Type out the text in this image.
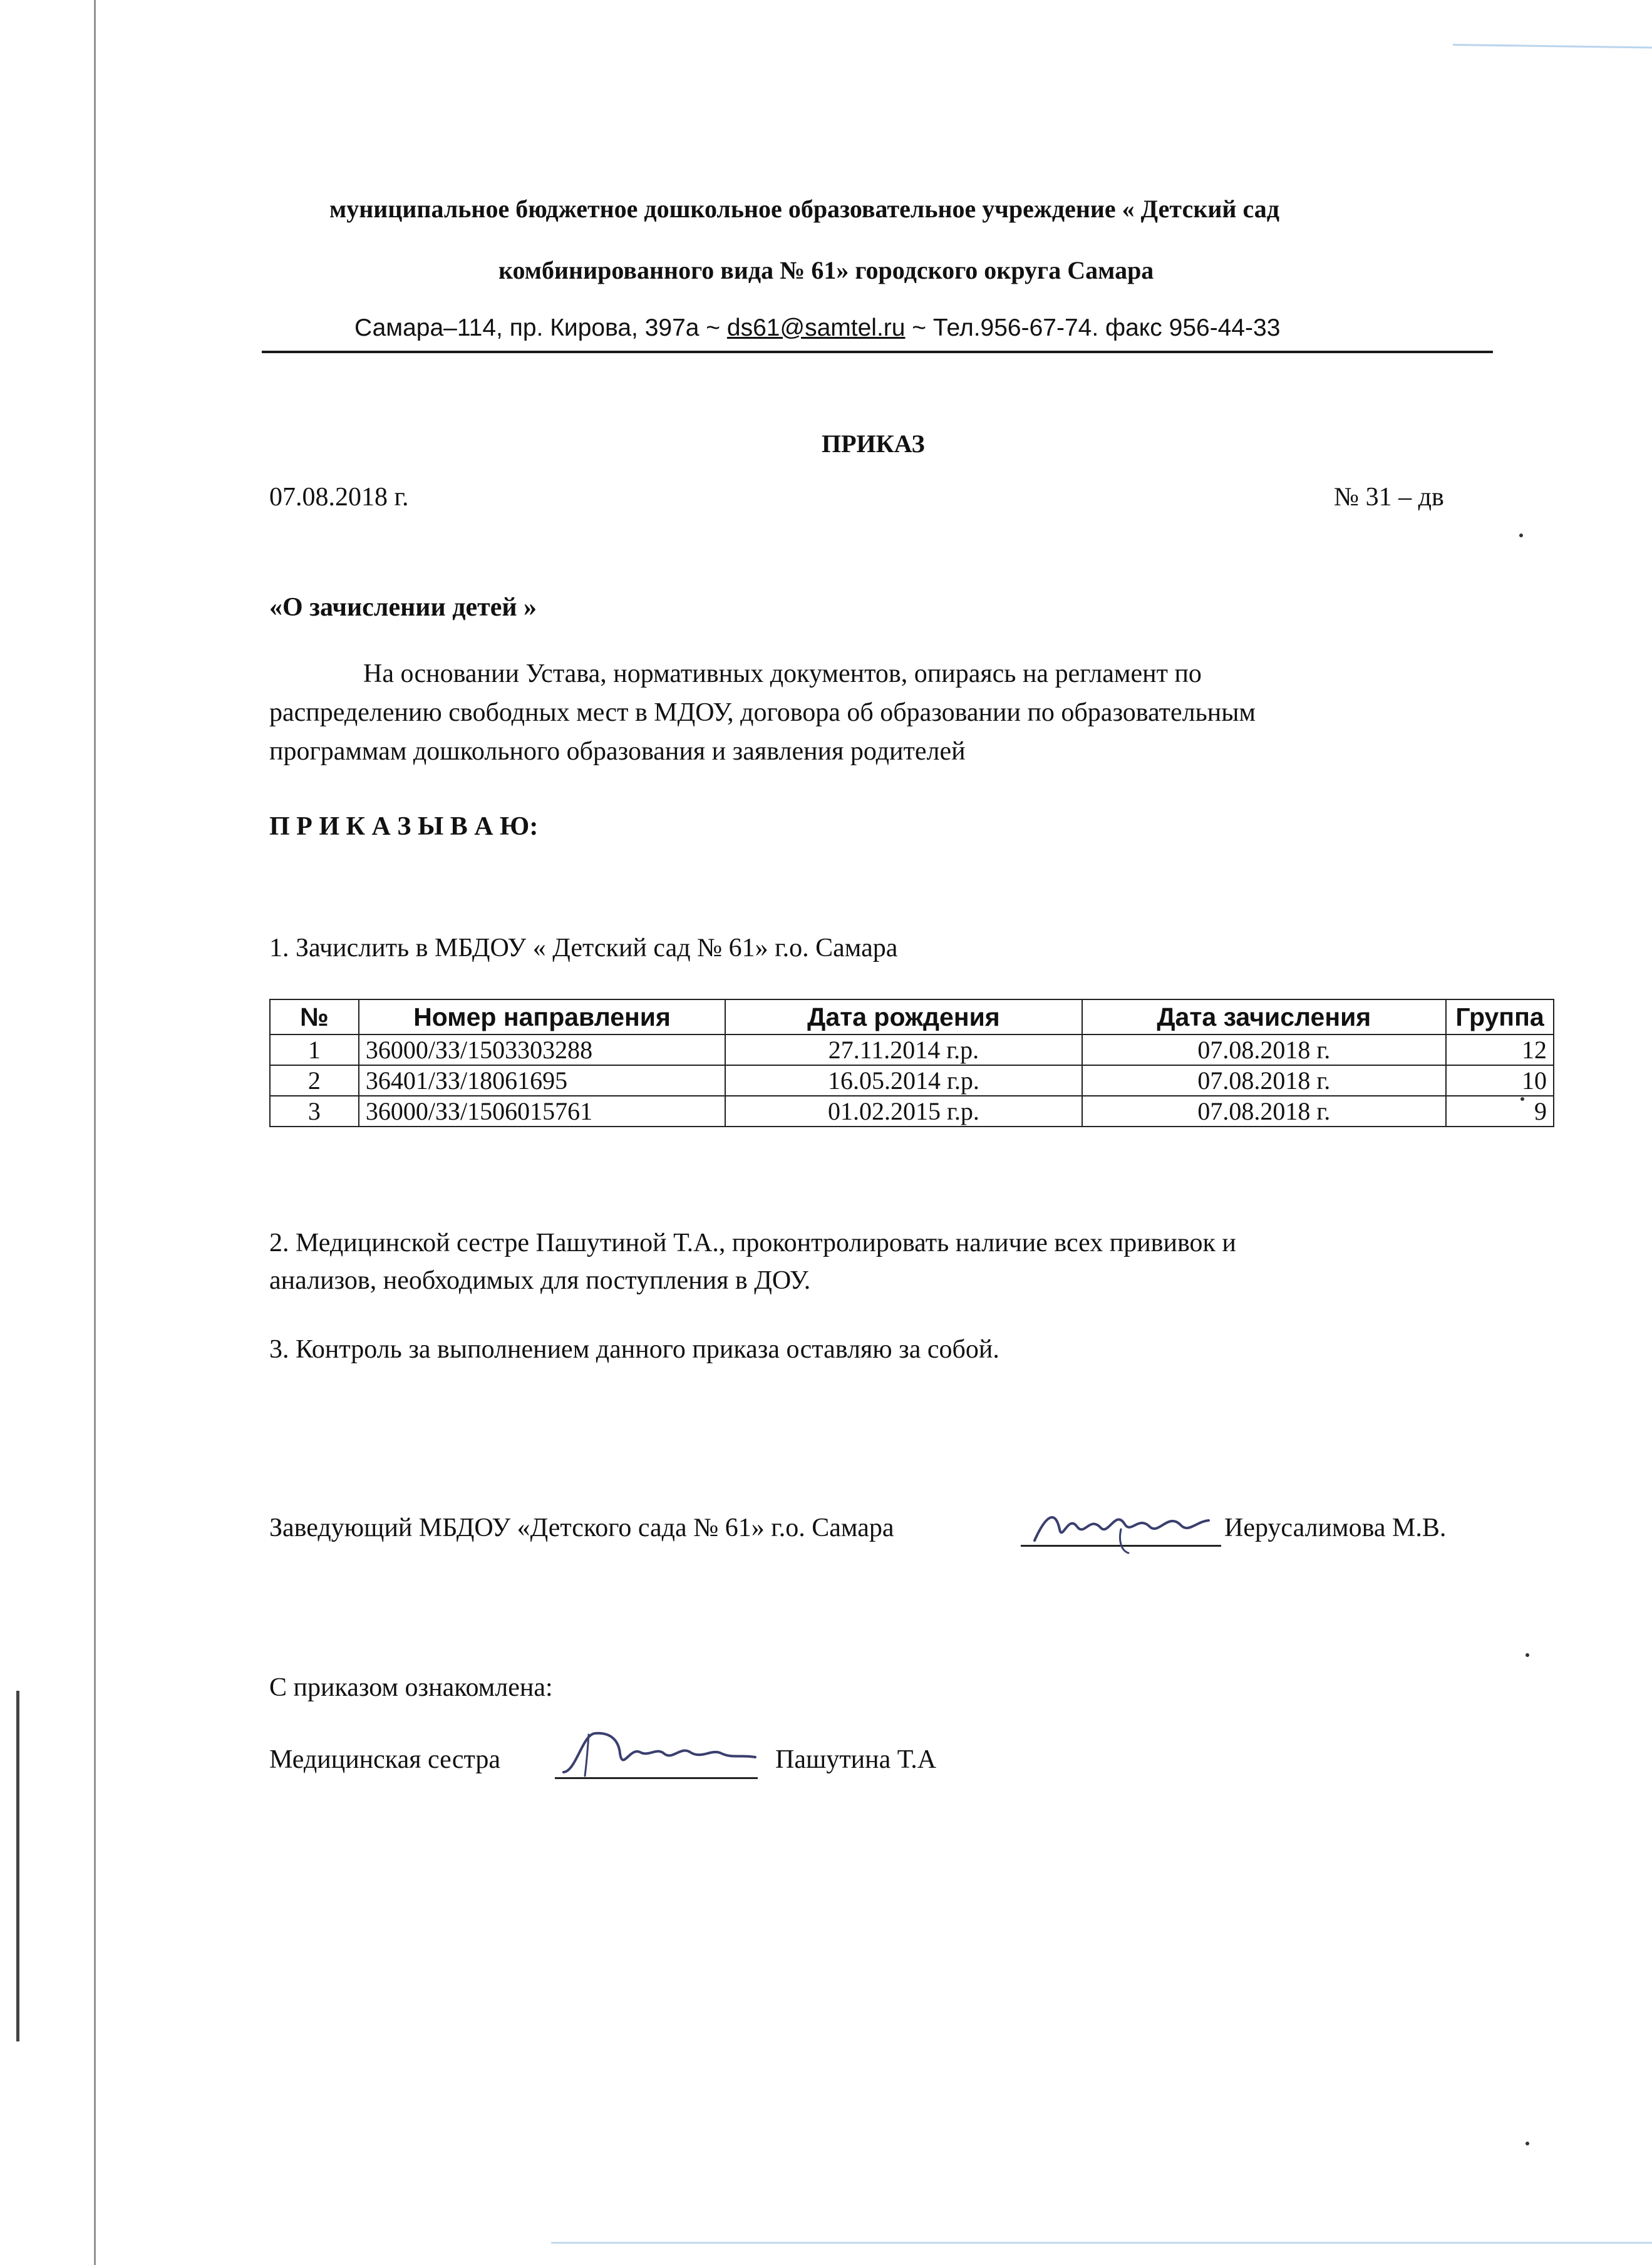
муниципальное бюджетное дошкольное образовательное учреждение « Детский сад
комбинированного вида № 61» городского округа Самара
Самара–114, пр. Кирова, 397а ~ ds61@samtel.ru ~ Тел.956-67-74. факс 956-44-33
ПРИКАЗ
07.08.2018 г.	№ 31 – дв
«О зачислении детей »
На основании Устава, нормативных документов, опираясь на регламент по
распределению свободных мест в МДОУ, договора об образовании по образовательным
программам дошкольного образования и заявления родителей
П Р И К А З Ы В А Ю:
1. Зачислить в МБДОУ « Детский сад № 61» г.о. Самара
№	Номер направления	Дата рождения	Дата зачисления	Группа
1	36000/ЗЗ/1503303288	27.11.2014 г.р.	07.08.2018 г.	12
2	36401/ЗЗ/18061695	16.05.2014 г.р.	07.08.2018 г.	10
3	36000/ЗЗ/1506015761	01.02.2015 г.р.	07.08.2018 г.	9
2. Медицинской сестре Пашутиной Т.А., проконтролировать наличие всех прививок и
анализов, необходимых для поступления в ДОУ.
3. Контроль за выполнением данного приказа оставляю за собой.
Заведующий МБДОУ «Детского сада № 61» г.о. Самара	Иерусалимова М.В.
С приказом ознакомлена:
Медицинская сестра	Пашутина Т.А
